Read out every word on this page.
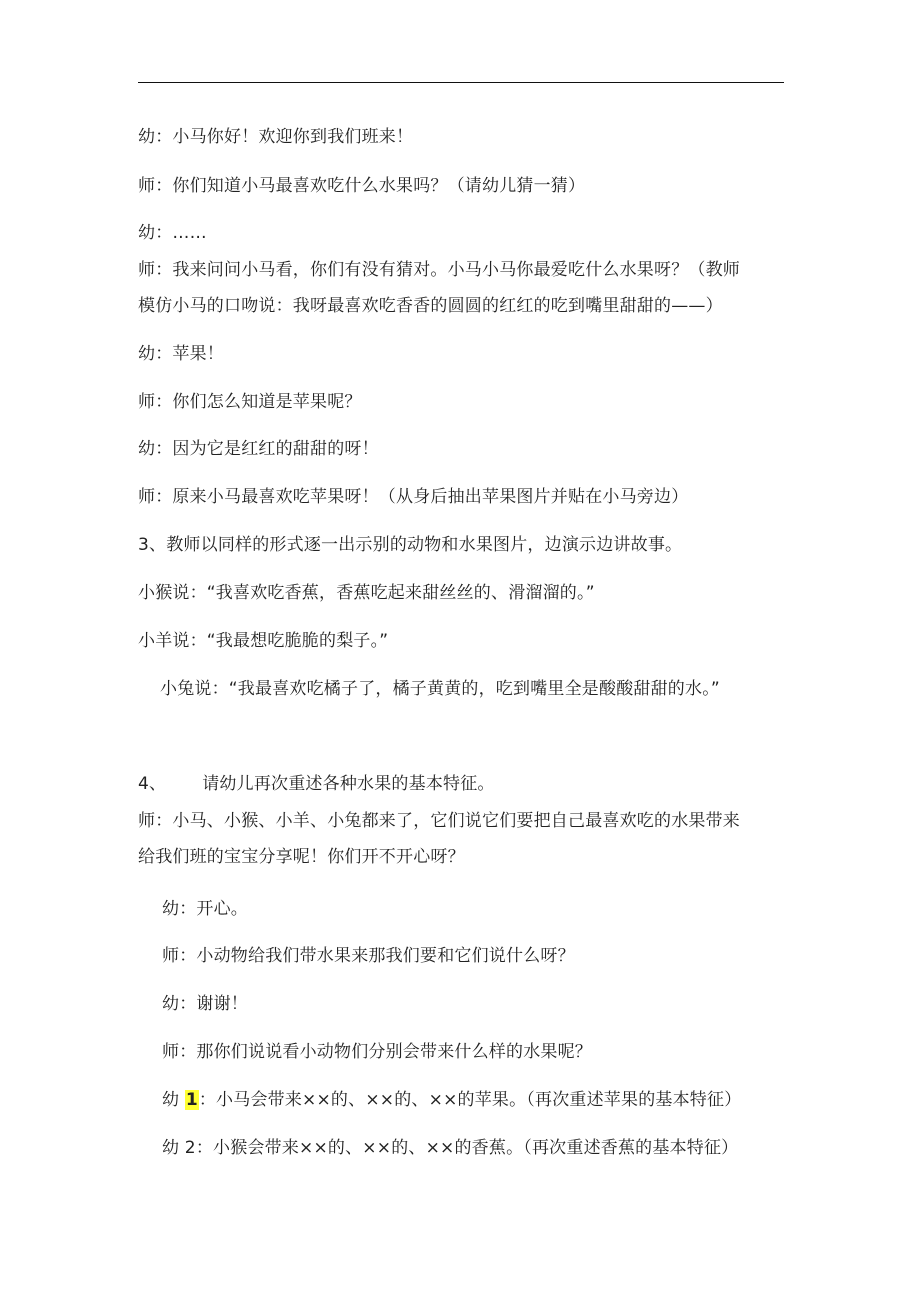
幼：小马你好！欢迎你到我们班来！
师：你们知道小马最喜欢吃什么水果吗？（请幼儿猜一猜）
幼：……
师：我来问问小马看，你们有没有猜对。小马小马你最爱吃什么水果呀？（教师
模仿小马的口吻说：我呀最喜欢吃香香的圆圆的红红的吃到嘴里甜甜的——）
幼：苹果！
师：你们怎么知道是苹果呢？
幼：因为它是红红的甜甜的呀！
师：原来小马最喜欢吃苹果呀！（从身后抽出苹果图片并贴在小马旁边）
3、教师以同样的形式逐一出示别的动物和水果图片，边演示边讲故事。
小猴说：“我喜欢吃香蕉，香蕉吃起来甜丝丝的、滑溜溜的。”
小羊说：“我最想吃脆脆的梨子。”
小兔说：“我最喜欢吃橘子了，橘子黄黄的，吃到嘴里全是酸酸甜甜的水。”
4、 请幼儿再次重述各种水果的基本特征。
师：小马、小猴、小羊、小兔都来了，它们说它们要把自己最喜欢吃的水果带来
给我们班的宝宝分享呢！你们开不开心呀？
幼：开心。
师：小动物给我们带水果来那我们要和它们说什么呀？
幼：谢谢！
师：那你们说说看小动物们分别会带来什么样的水果呢？
幼 1：小马会带来××的、××的、××的苹果。（再次重述苹果的基本特征）
幼 2：小猴会带来××的、××的、××的香蕉。（再次重述香蕉的基本特征）
